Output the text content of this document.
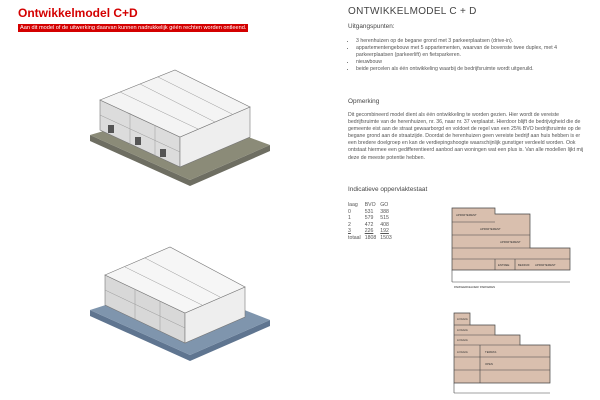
Ontwikkelmodel C+D
Aan dit model of de uitwerking daarvan kunnen nadrukkelijk géén rechten worden ontleend.
ONTWIKKELMODEL C + D
Uitgangspunten:
• 3 herenhuizen op de begane grond met 3 parkeerplaatsen (drive-in).
• appartementengebouw met 5 appartementen, waarvan de bovenste twee duplex, met 4 parkeerplaatsen (parkeerlift) en fietsparkeren.
• nieuwbouw
• beide percelen als één ontwikkeling waarbij de bedrijfsruimte wordt uitgeruild.
Opmerking
Dit gecombineerd model dient als één ontwikkeling te worden gezien. Hier wordt de vereiste bedrijfsruimte van de herenhuizen, nr. 36, naar nr. 37 verplaatst. Hierdoor blijft de bedrijvigheid die de gemeente eist aan de straat gewaarborgd en voldoet de regel van een 25% BVO bedrijfsruimte op de begane grond aan de straatzijde. Doordat de herenhuizen geen vereiste bedrijf aan huis hebben is er een bredere doelgroep en kan de verdiepingshoogte waarschijnlijk gunstiger verdeeld worden. Ook ontstaat hiermee een gedifferentieerd aanbod aan woningen wat een plus is. Van alle modellen lijkt mij deze de meeste potentie hebben.
Indicatieve oppervlaktestaat
laag	BVO	GO
0	531	388
1	579	515
2	472	408
3	226	192
totaal	1808	1503
APPARTEMENT
APPARTEMENT
APPARTEMENT
ENTREE	BEDRIJF APPARTEMENT
PARKEERKELDER/ PARKEREN
LOGGIA
LOGGIA
LOGGIA
LOGGIA	TERRAS
OPEN
